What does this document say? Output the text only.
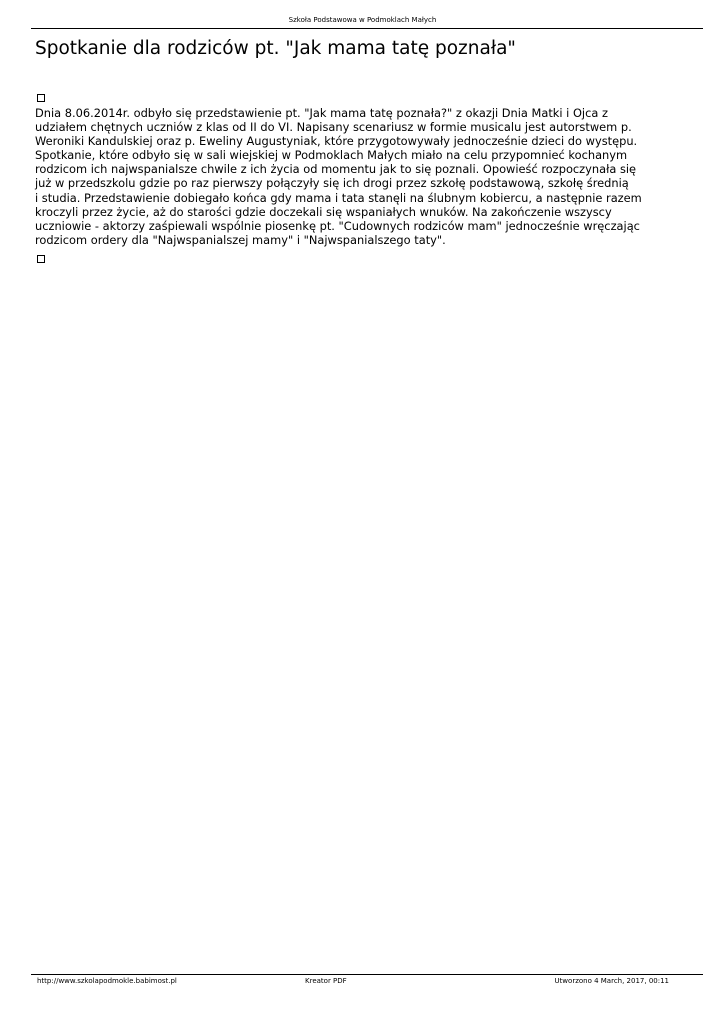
Szkoła Podstawowa w Podmoklach Małych
Spotkanie dla rodziców pt. "Jak mama tatę poznała"
Dnia 8.06.2014r. odbyło się przedstawienie pt. "Jak mama tatę poznała?" z okazji Dnia Matki i Ojca z
udziałem chętnych uczniów z klas od II do VI. Napisany scenariusz w formie musicalu jest autorstwem p.
Weroniki Kandulskiej oraz p. Eweliny Augustyniak, które przygotowywały jednocześnie dzieci do występu.
Spotkanie, które odbyło się w sali wiejskiej w Podmoklach Małych miało na celu przypomnieć kochanym
rodzicom ich najwspanialsze chwile z ich życia od momentu jak to się poznali. Opowieść rozpoczynała się
już w przedszkolu gdzie po raz pierwszy połączyły się ich drogi przez szkołę podstawową, szkołę średnią
i studia. Przedstawienie dobiegało końca gdy mama i tata stanęli na ślubnym kobiercu, a następnie razem
kroczyli przez życie, aż do starości gdzie doczekali się wspaniałych wnuków. Na zakończenie wszyscy
uczniowie - aktorzy zaśpiewali wspólnie piosenkę pt. "Cudownych rodziców mam" jednocześnie wręczając
rodzicom ordery dla "Najwspanialszej mamy" i "Najwspanialszego taty".
http://www.szkolapodmokle.babimost.pl	Kreator PDF	Utworzono 4 March, 2017, 00:11
